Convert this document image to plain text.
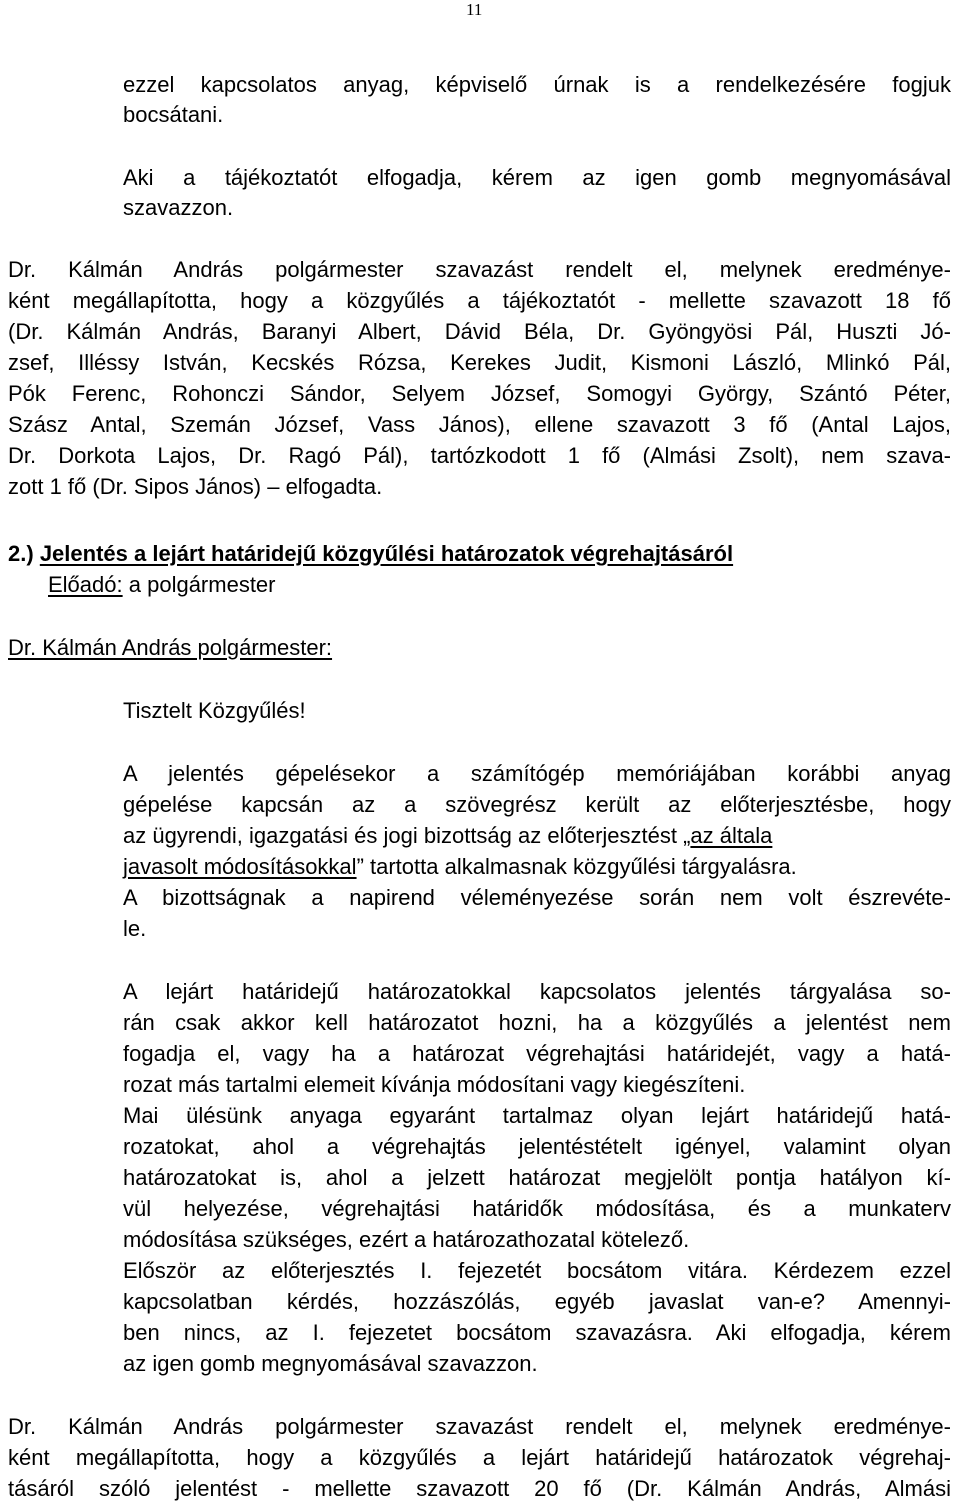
11
ezzel kapcsolatos anyag, képviselő úrnak is a rendelkezésére fogjuk
bocsátani.
Aki a tájékoztatót elfogadja, kérem az igen gomb megnyomásával
szavazzon.
Dr. Kálmán András polgármester szavazást rendelt el, melynek eredménye-
ként megállapította, hogy a közgyűlés a tájékoztatót - mellette szavazott 18 fő
(Dr. Kálmán András, Baranyi Albert, Dávid Béla, Dr. Gyöngyösi Pál, Huszti Jó-
zsef, Illéssy István, Kecskés Rózsa, Kerekes Judit, Kismoni László, Mlinkó Pál,
Pók Ferenc, Rohonczi Sándor, Selyem József, Somogyi György, Szántó Péter,
Szász Antal, Szemán József, Vass János), ellene szavazott 3 fő (Antal Lajos,
Dr. Dorkota Lajos, Dr. Ragó Pál), tartózkodott 1 fő (Almási Zsolt), nem szava-
zott 1 fő (Dr. Sipos János) – elfogadta.
2.) Jelentés a lejárt határidejű közgyűlési határozatok végrehajtásáról
Előadó: a polgármester
Dr. Kálmán András polgármester:
Tisztelt Közgyűlés!
A jelentés gépelésekor a számítógép memóriájában korábbi anyag
gépelése kapcsán az a szövegrész került az előterjesztésbe, hogy
az ügyrendi, igazgatási és jogi bizottság az előterjesztést „ az általa
javasolt módosításokkal ” tartotta alkalmasnak közgyűlési tárgyalásra.
A bizottságnak a napirend véleményezése során nem volt észrevéte-
le.
A lejárt határidejű határozatokkal kapcsolatos jelentés tárgyalása so-
rán csak akkor kell határozatot hozni, ha a közgyűlés a jelentést nem
fogadja el, vagy ha a határozat végrehajtási határidejét, vagy a hatá-
rozat más tartalmi elemeit kívánja módosítani vagy kiegészíteni.
Mai ülésünk anyaga egyaránt tartalmaz olyan lejárt határidejű hatá-
rozatokat, ahol a végrehajtás jelentéstételt igényel, valamint olyan
határozatokat is, ahol a jelzett határozat megjelölt pontja hatályon kí-
vül helyezése, végrehajtási határidők módosítása, és a munkaterv
módosítása szükséges, ezért a határozathozatal kötelező.
Először az előterjesztés I. fejezetét bocsátom vitára. Kérdezem ezzel
kapcsolatban kérdés, hozzászólás, egyéb javaslat van-e? Amennyi-
ben nincs, az I. fejezetet bocsátom szavazásra. Aki elfogadja, kérem
az igen gomb megnyomásával szavazzon.
Dr. Kálmán András polgármester szavazást rendelt el, melynek eredménye-
ként megállapította, hogy a közgyűlés a lejárt határidejű határozatok végrehaj-
tásáról szóló jelentést - mellette szavazott 20 fő (Dr. Kálmán András, Almási
